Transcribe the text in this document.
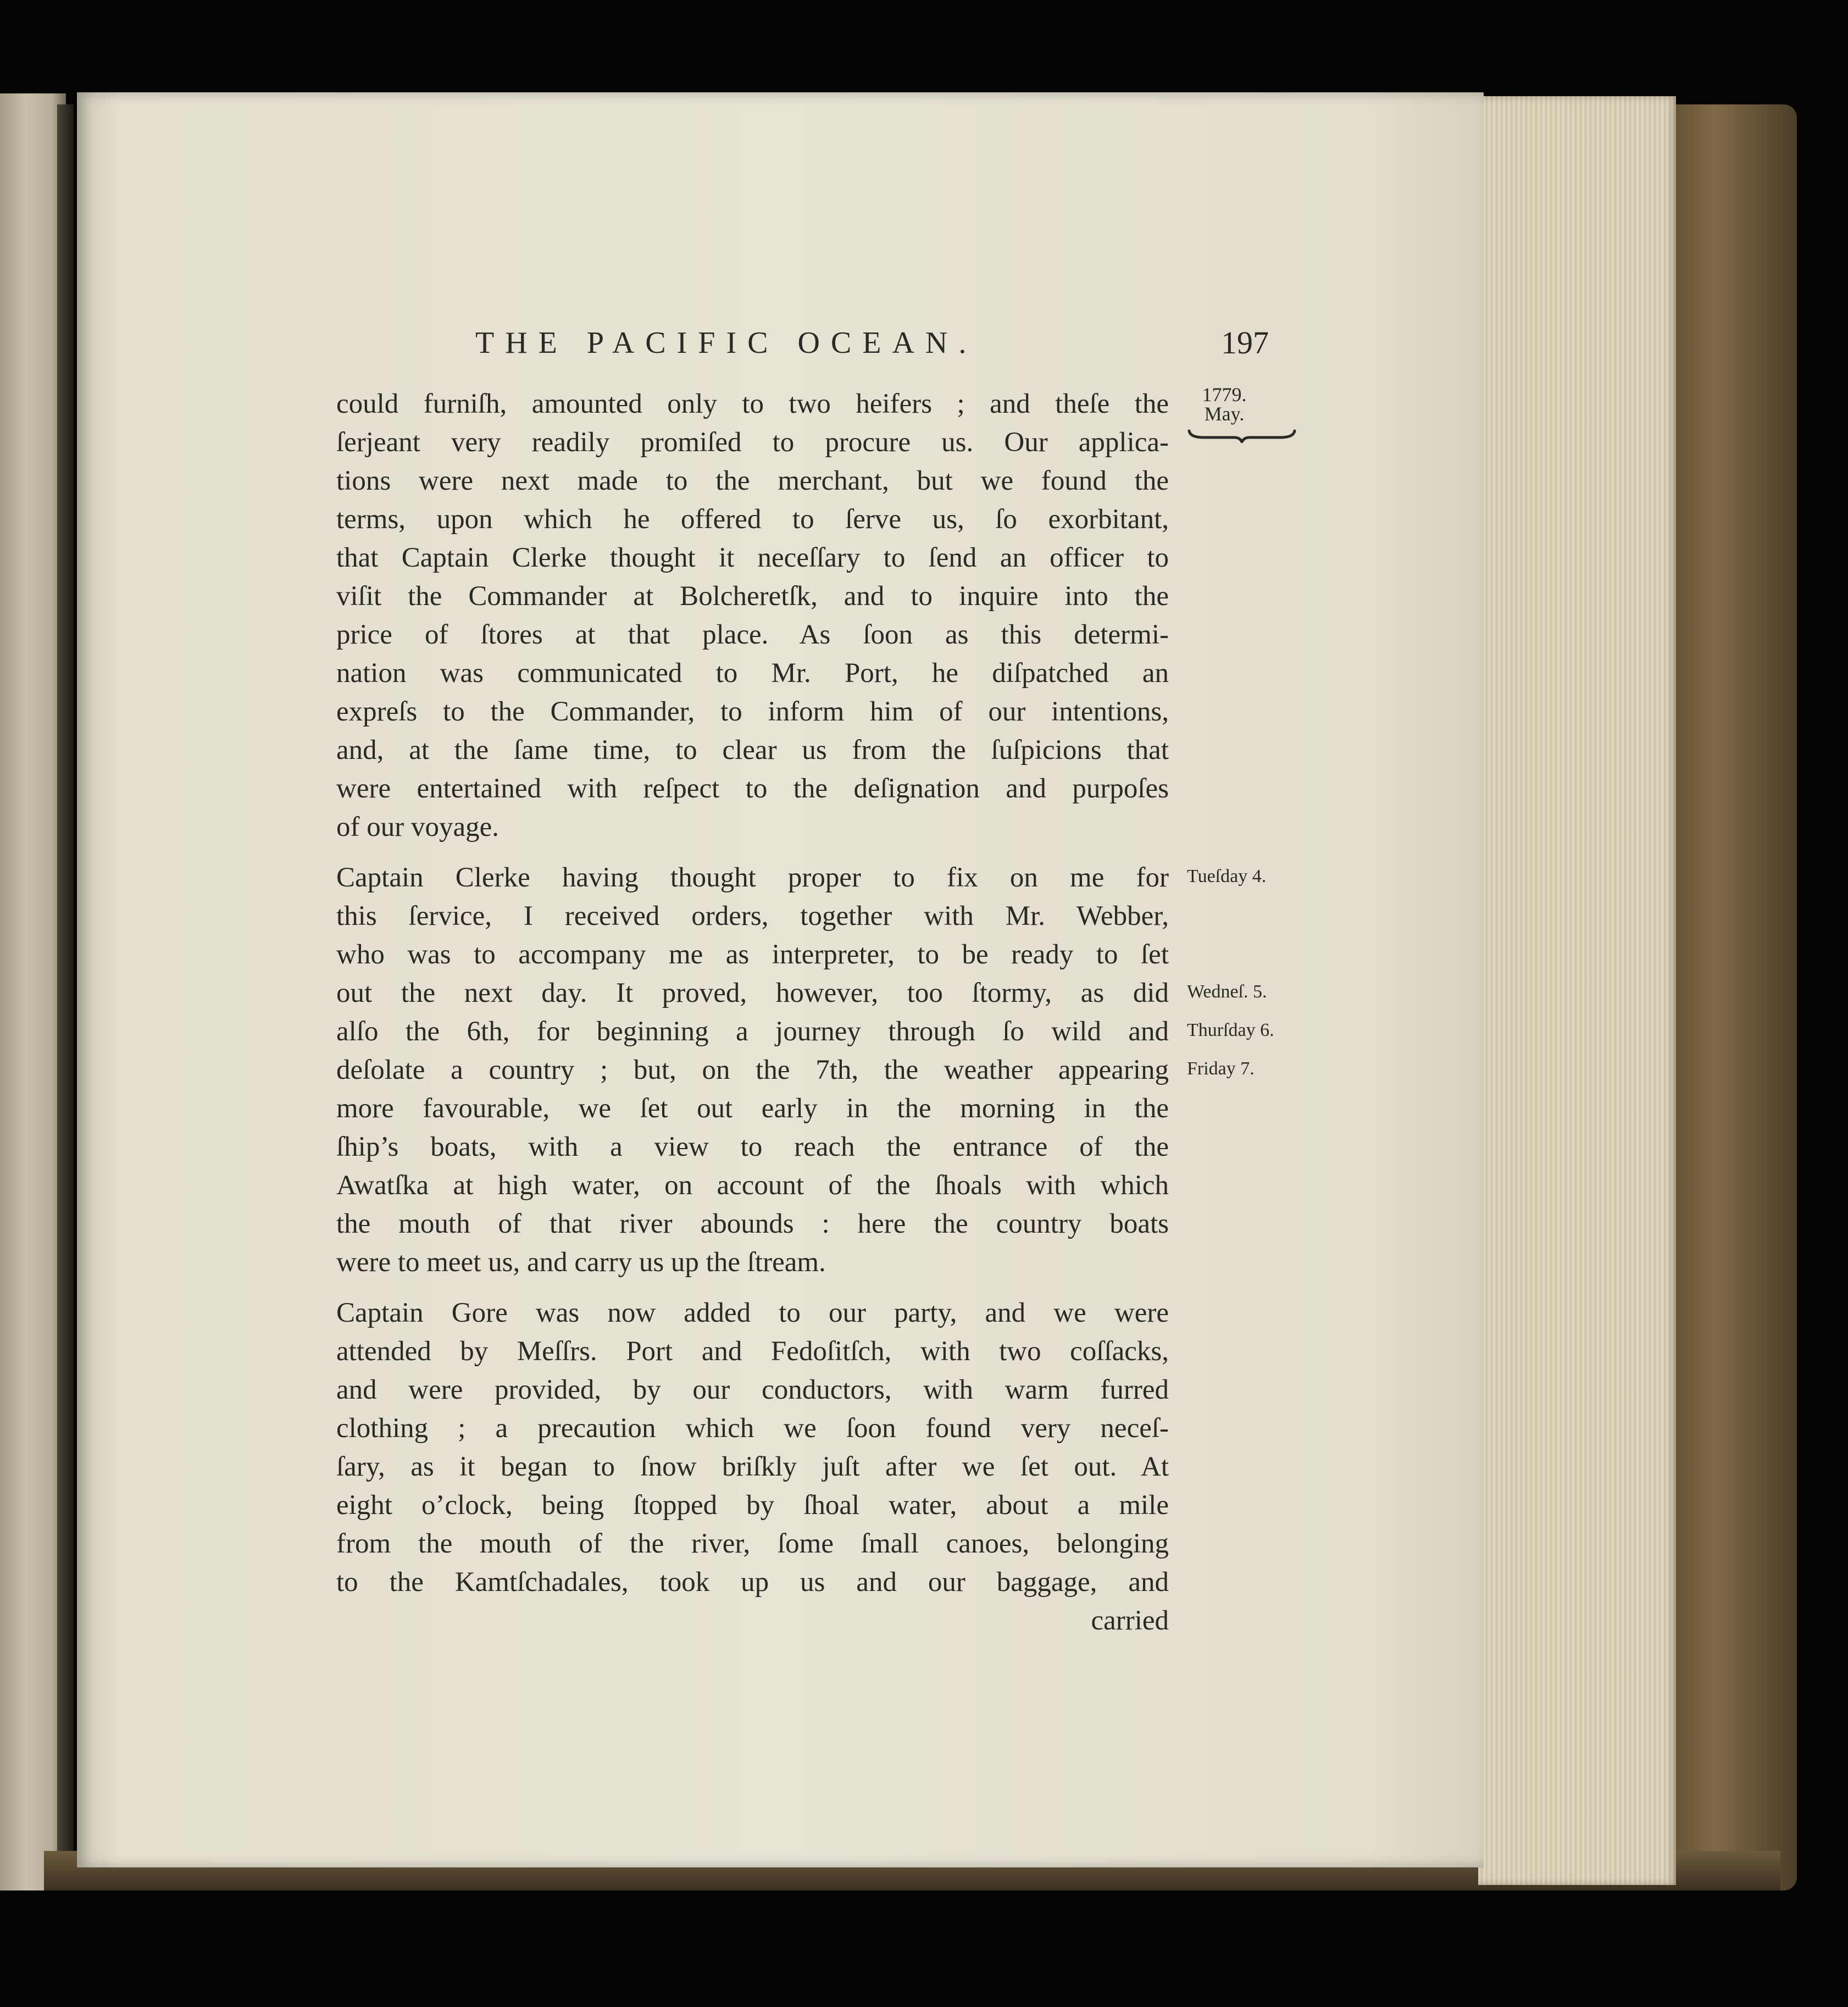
THE PACIFIC OCEAN.	197
1779.
May.
could furniſh, amounted only to two heifers ; and theſe the
ſerjeant very readily promiſed to procure us. Our applica-
tions were next made to the merchant, but we found the
terms, upon which he offered to ſerve us, ſo exorbitant,
that Captain Clerke thought it neceſſary to ſend an officer to
viſit the Commander at Bolcheretſk, and to inquire into the
price of ſtores at that place. As ſoon as this determi-
nation was communicated to Mr. Port, he diſpatched an
expreſs to the Commander, to inform him of our intentions,
and, at the ſame time, to clear us from the ſuſpicions that
were entertained with reſpect to the deſignation and purpoſes
of our voyage.
Captain Clerke having thought proper to fix on me for
this ſervice, I received orders, together with Mr. Webber,
who was to accompany me as interpreter, to be ready to ſet
out the next day. It proved, however, too ſtormy, as did
alſo the 6th, for beginning a journey through ſo wild and
deſolate a country ; but, on the 7th, the weather appearing
more favourable, we ſet out early in the morning in the
ſhip’s boats, with a view to reach the entrance of the
Awatſka at high water, on account of the ſhoals with which
the mouth of that river abounds : here the country boats
were to meet us, and carry us up the ſtream.
Captain Gore was now added to our party, and we were
attended by Meſſrs. Port and Fedoſitſch, with two coſſacks,
and were provided, by our conductors, with warm furred
clothing ; a precaution which we ſoon found very neceſ-
ſary, as it began to ſnow briſkly juſt after we ſet out. At
eight o’clock, being ſtopped by ſhoal water, about a mile
from the mouth of the river, ſome ſmall canoes, belonging
to the Kamtſchadales, took up us and our baggage, and
carried
Tueſday 4.
Wedneſ. 5.
Thurſday 6.
Friday 7.
